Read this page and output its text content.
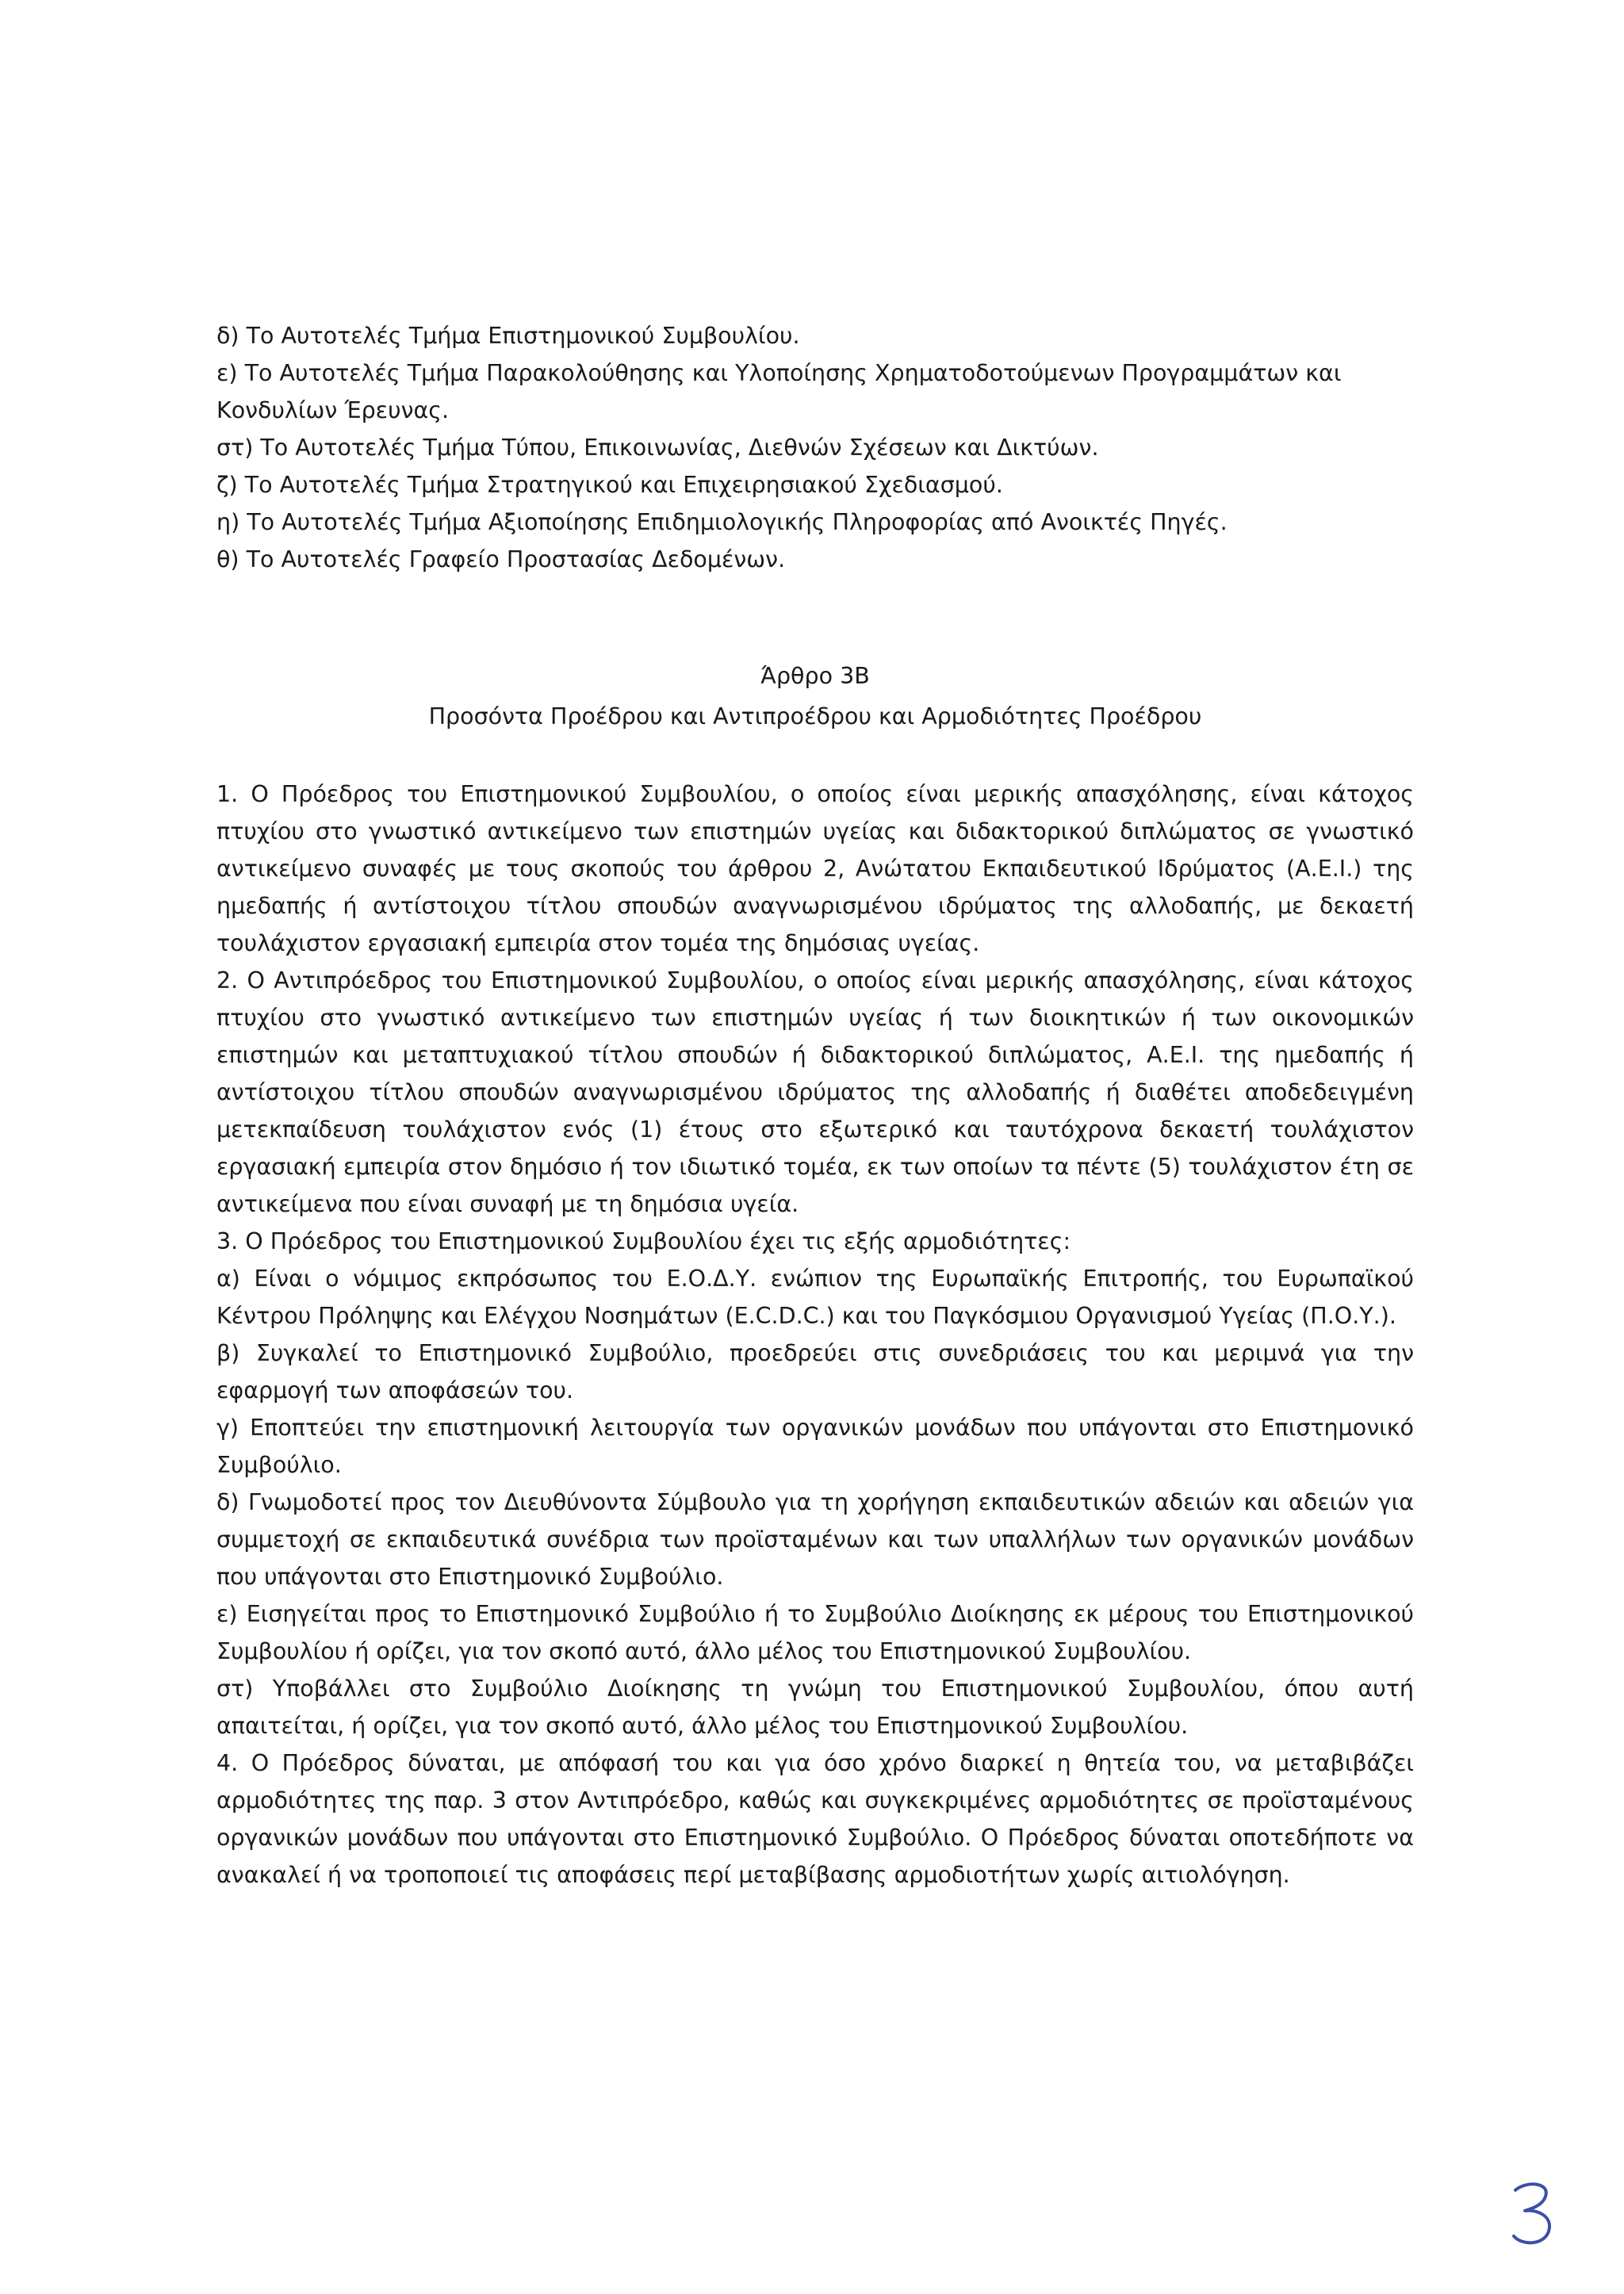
δ) Το Αυτοτελές Τμήμα Επιστημονικού Συμβουλίου.

ε) Το Αυτοτελές Τμήμα Παρακολούθησης και Υλοποίησης Χρηματοδοτούμενων Προγραμμάτων και Κονδυλίων Έρευνας.

στ) Το Αυτοτελές Τμήμα Τύπου, Επικοινωνίας, Διεθνών Σχέσεων και Δικτύων.

ζ) Το Αυτοτελές Τμήμα Στρατηγικού και Επιχειρησιακού Σχεδιασμού.

η) Το Αυτοτελές Τμήμα Αξιοποίησης Επιδημιολογικής Πληροφορίας από Ανοικτές Πηγές.

θ) Το Αυτοτελές Γραφείο Προστασίας Δεδομένων.

Άρθρο 3Β
Προσόντα Προέδρου και Αντιπροέδρου και Αρμοδιότητες Προέδρου

1. Ο Πρόεδρος του Επιστημονικού Συμβουλίου, ο οποίος είναι μερικής απασχόλησης, είναι κάτοχος πτυχίου στο γνωστικό αντικείμενο των επιστημών υγείας και διδακτορικού διπλώματος σε γνωστικό αντικείμενο συναφές με τους σκοπούς του άρθρου 2, Ανώτατου Εκπαιδευτικού Ιδρύματος (Α.Ε.Ι.) της ημεδαπής ή αντίστοιχου τίτλου σπουδών αναγνωρισμένου ιδρύματος της αλλοδαπής, με δεκαετή τουλάχιστον εργασιακή εμπειρία στον τομέα της δημόσιας υγείας.

2. Ο Αντιπρόεδρος του Επιστημονικού Συμβουλίου, ο οποίος είναι μερικής απασχόλησης, είναι κάτοχος πτυχίου στο γνωστικό αντικείμενο των επιστημών υγείας ή των διοικητικών ή των οικονομικών επιστημών και μεταπτυχιακού τίτλου σπουδών ή διδακτορικού διπλώματος, Α.Ε.Ι. της ημεδαπής ή αντίστοιχου τίτλου σπουδών αναγνωρισμένου ιδρύματος της αλλοδαπής ή διαθέτει αποδεδειγμένη μετεκπαίδευση τουλάχιστον ενός (1) έτους στο εξωτερικό και ταυτόχρονα δεκαετή τουλάχιστον εργασιακή εμπειρία στον δημόσιο ή τον ιδιωτικό τομέα, εκ των οποίων τα πέντε (5) τουλάχιστον έτη σε αντικείμενα που είναι συναφή με τη δημόσια υγεία.

3. Ο Πρόεδρος του Επιστημονικού Συμβουλίου έχει τις εξής αρμοδιότητες:

α) Είναι ο νόμιμος εκπρόσωπος του Ε.Ο.Δ.Υ. ενώπιον της Ευρωπαϊκής Επιτροπής, του Ευρωπαϊκού Κέντρου Πρόληψης και Ελέγχου Νοσημάτων (E.C.D.C.) και του Παγκόσμιου Οργανισμού Υγείας (Π.Ο.Υ.).

β) Συγκαλεί το Επιστημονικό Συμβούλιο, προεδρεύει στις συνεδριάσεις του και μεριμνά για την εφαρμογή των αποφάσεών του.

γ) Εποπτεύει την επιστημονική λειτουργία των οργανικών μονάδων που υπάγονται στο Επιστημονικό Συμβούλιο.

δ) Γνωμοδοτεί προς τον Διευθύνοντα Σύμβουλο για τη χορήγηση εκπαιδευτικών αδειών και αδειών για συμμετοχή σε εκπαιδευτικά συνέδρια των προϊσταμένων και των υπαλλήλων των οργανικών μονάδων που υπάγονται στο Επιστημονικό Συμβούλιο.

ε) Εισηγείται προς το Επιστημονικό Συμβούλιο ή το Συμβούλιο Διοίκησης εκ μέρους του Επιστημονικού Συμβουλίου ή ορίζει, για τον σκοπό αυτό, άλλο μέλος του Επιστημονικού Συμβουλίου.

στ) Υποβάλλει στο Συμβούλιο Διοίκησης τη γνώμη του Επιστημονικού Συμβουλίου, όπου αυτή απαιτείται, ή ορίζει, για τον σκοπό αυτό, άλλο μέλος του Επιστημονικού Συμβουλίου.

4. Ο Πρόεδρος δύναται, με απόφασή του και για όσο χρόνο διαρκεί η θητεία του, να μεταβιβάζει αρμοδιότητες της παρ. 3 στον Αντιπρόεδρο, καθώς και συγκεκριμένες αρμοδιότητες σε προϊσταμένους οργανικών μονάδων που υπάγονται στο Επιστημονικό Συμβούλιο. Ο Πρόεδρος δύναται οποτεδήποτε να ανακαλεί ή να τροποποιεί τις αποφάσεις περί μεταβίβασης αρμοδιοτήτων χωρίς αιτιολόγηση.
